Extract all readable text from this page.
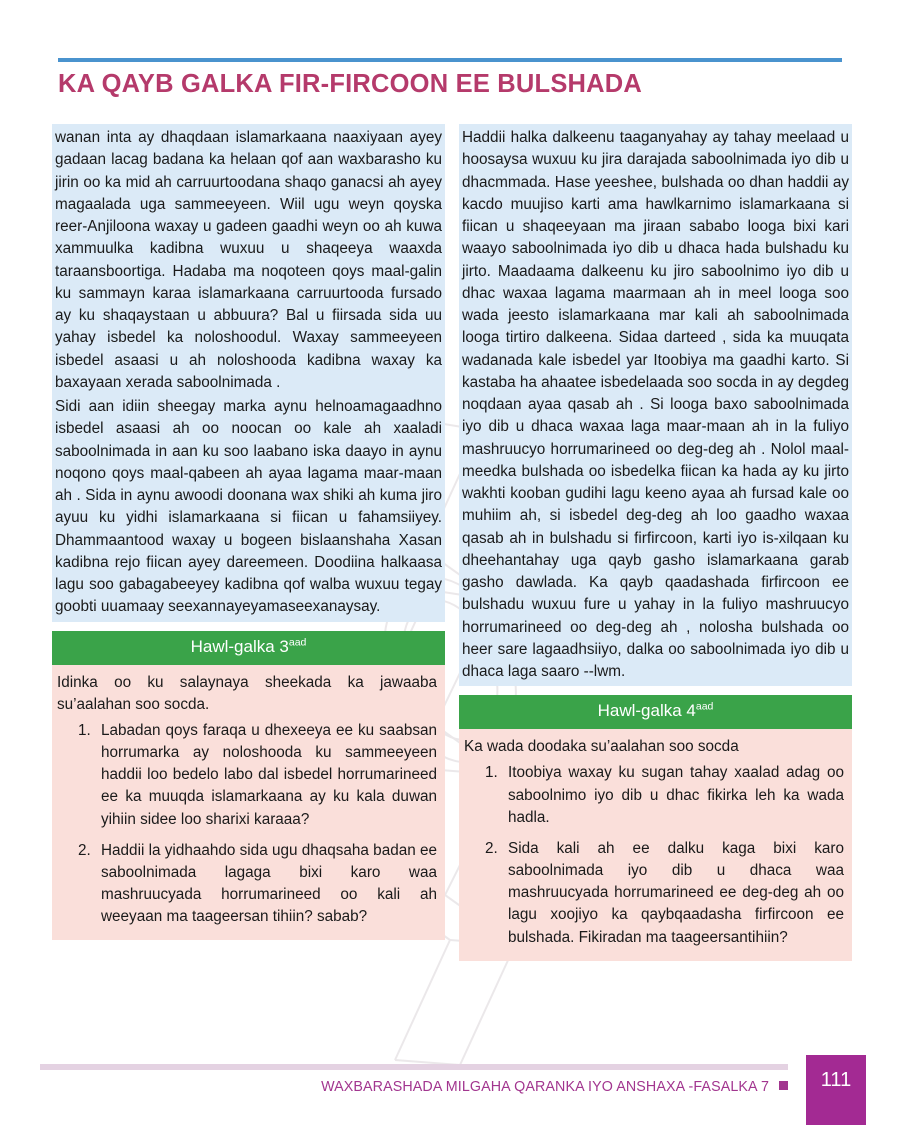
KA QAYB GALKA FIR-FIRCOON EE BULSHADA

wanan inta ay dhaqdaan islamarkaana naaxiyaan ayey gadaan lacag badana ka helaan qof aan waxbarasho ku jirin oo ka mid ah carruurtoodana shaqo ganacsi ah ayey magaalada uga sammeeyeen. Wiil ugu weyn qoyska reer-Anjiloona waxay u gadeen gaadhi weyn oo ah kuwa xammuulka kadibna wuxuu u shaqeeya waaxda taraansboortiga. Hadaba ma noqoteen qoys maal-galin ku sammayn karaa islamarkaana carruurtooda fursado ay ku shaqaystaan u abbuura? Bal u fiirsada sida uu yahay isbedel ka noloshoodul. Waxay sammeeyeen isbedel asaasi u ah noloshooda kadibna waxay ka baxayaan xerada saboolnimada .

Sidi aan idiin sheegay marka aynu helnoamagaadhno isbedel asaasi ah oo noocan oo kale ah xaaladi saboolnimada in aan ku soo laabano iska daayo in aynu noqono qoys maal-qabeen ah ayaa lagama maar-maan ah . Sida in aynu awoodi doonana wax shiki ah kuma jiro ayuu ku yidhi islamarkaana si fiican u fahamsiiyey. Dhammaantood waxay u bogeen bislaanshaha Xasan kadibna rejo fiican ayey dareemeen. Doodiina halkaasa lagu soo gabagabeeyey kadibna qof walba wuxuu tegay goobti uuamaay seexannayeyamaseexanaysay.

Hawl-galka $3^{aad}$

Idinka oo ku salaynaya sheekada ka jawaaba su’aalahan soo socda.

1. Labadan qoys faraqa u dhexeeya ee ku saabsan horrumarka ay noloshooda ku sammeeyeen haddii loo bedelo labo dal isbedel horrumarineed ee ka muuqda islamarkaana ay ku kala duwan yihiin sidee loo sharixi karaaa?
2. Haddii la yidhaahdo sida ugu dhaqsaha badan ee saboolnimada lagaga bixi karo waa mashruucyada horrumarineed oo kali ah weeyaan ma taageersan tihiin? sabab?

Haddii halka dalkeenu taaganyahay ay tahay meelaad u hoosaysa wuxuu ku jira darajada saboolnimada iyo dib u dhacmmada. Hase yeeshee, bulshada oo dhan haddii ay kacdo muujiso karti ama hawlkarnimo islamarkaana si fiican u shaqeeyaan ma jiraan sababo looga bixi kari waayo saboolnimada iyo dib u dhaca hada bulshadu ku jirto. Maadaama dalkeenu ku jiro saboolnimo iyo dib u dhac waxaa lagama maarmaan ah in meel looga soo wada jeesto islamarkaana mar kali ah saboolnimada looga tirtiro dalkeena. Sidaa darteed , sida ka muuqata wadanada kale isbedel yar Itoobiya ma gaadhi karto. Si kastaba ha ahaatee isbedelaada soo socda in ay degdeg noqdaan ayaa qasab ah . Si looga baxo saboolnimada iyo dib u dhaca waxaa laga maar-maan ah in la fuliyo mashruucyo horrumarineed oo deg-deg ah . Nolol maal-meedka bulshada oo isbedelka fiican ka hada ay ku jirto wakhti kooban gudihi lagu keeno ayaa ah fursad kale oo muhiim ah, si isbedel deg-deg ah loo gaadho waxaa qasab ah in bulshadu si firfircoon, karti iyo is-xilqaan ku dheehantahay uga qayb gasho islamarkaana garab gasho dawlada. Ka qayb qaadashada firfircoon ee bulshadu wuxuu fure u yahay in la fuliyo mashruucyo horrumarineed oo deg-deg ah , nolosha bulshada oo heer sare lagaadhsiiyo, dalka oo saboolnimada iyo dib u dhaca laga saaro --lwm.

Hawl-galka $4^{aad}$

Ka wada doodaka su’aalahan soo socda

1. Itoobiya waxay ku sugan tahay xaalad adag oo saboolnimo iyo dib u dhac fikirka leh ka wada hadla.
2. Sida kali ah ee dalku kaga bixi karo saboolnimada iyo dib u dhaca waa mashruucyada horrumarineed ee deg-deg ah oo lagu xoojiyo ka qaybqaadasha firfircoon ee bulshada. Fikiradan ma taageersantihiin?
WAXBARASHADA MILGAHA QARANKA IYO ANSHAXA -FASALKA 7	111
